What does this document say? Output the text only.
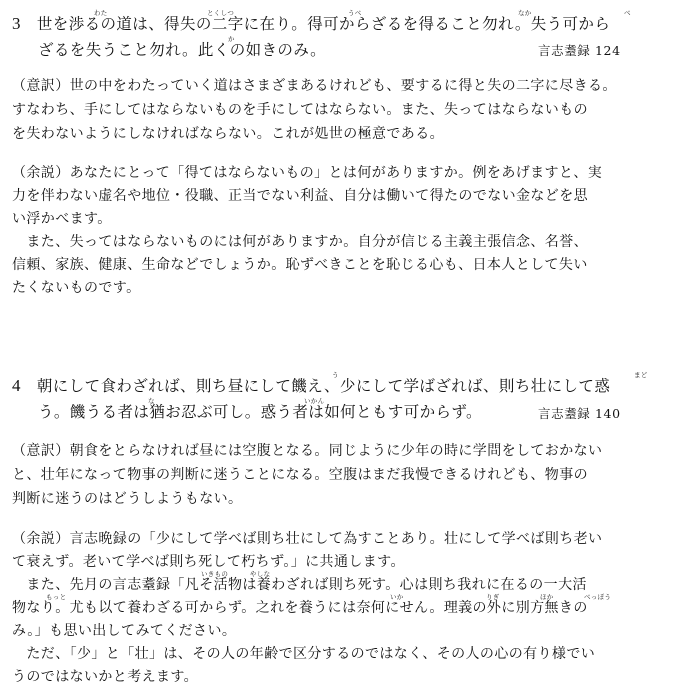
わた	とくしつ	うべ	なか	べ
3 世を渉るの道は、得失の二字に在り。得可からざるを得ること勿れ。失う可から
か
ざるを失うこと勿れ。此くの如きのみ。	言志耋録 124
（意訳）世の中をわたっていく道はさまざまあるけれども、要するに得と失の二字に尽きる。
すなわち、手にしてはならないものを手にしてはならない。また、失ってはならないもの
を失わないようにしなければならない。これが処世の極意である。
（余説）あなたにとって「得てはならないもの」とは何がありますか。例をあげますと、実
力を伴わない虚名や地位・役職、正当でない利益、自分は働いて得たのでない金などを思
い浮かべます。
　また、失ってはならないものには何がありますか。自分が信じる主義主張信念、名誉、
信頼、家族、健康、生命などでしょうか。恥ずべきことを恥じる心も、日本人として失い
たくないものです。
う	まど
4 朝にして食わざれば、則ち昼にして饑え、少にして学ばざれば、則ち壮にして惑
な	いかん
う。饑うる者は猶お忍ぶ可し。惑う者は如何ともす可からず。	言志耋録 140
（意訳）朝食をとらなければ昼には空腹となる。同じように少年の時に学問をしておかない
と、壮年になって物事の判断に迷うことになる。空腹はまだ我慢できるけれども、物事の
判断に迷うのはどうしようもない。
（余説）言志晩録の「少にして学べば則ち壮にして為すことあり。壮にして学べば則ち老い
て衰えず。老いて学べば則ち死して朽ちず。」に共通します。
いきもの	やしな
　また、先月の言志耋録「凡そ活物は養わざれば則ち死す。心は則ち我れに在るの一大活
もっと	いか	りぎ	ほか	べっぽう
物なり。尤も以て養わざる可からず。之れを養うには奈何にせん。理義の外に別方無きの
み。」も思い出してみてください。
　ただ、「少」と「壮」は、その人の年齢で区分するのではなく、その人の心の有り様でい
うのではないかと考えます。
